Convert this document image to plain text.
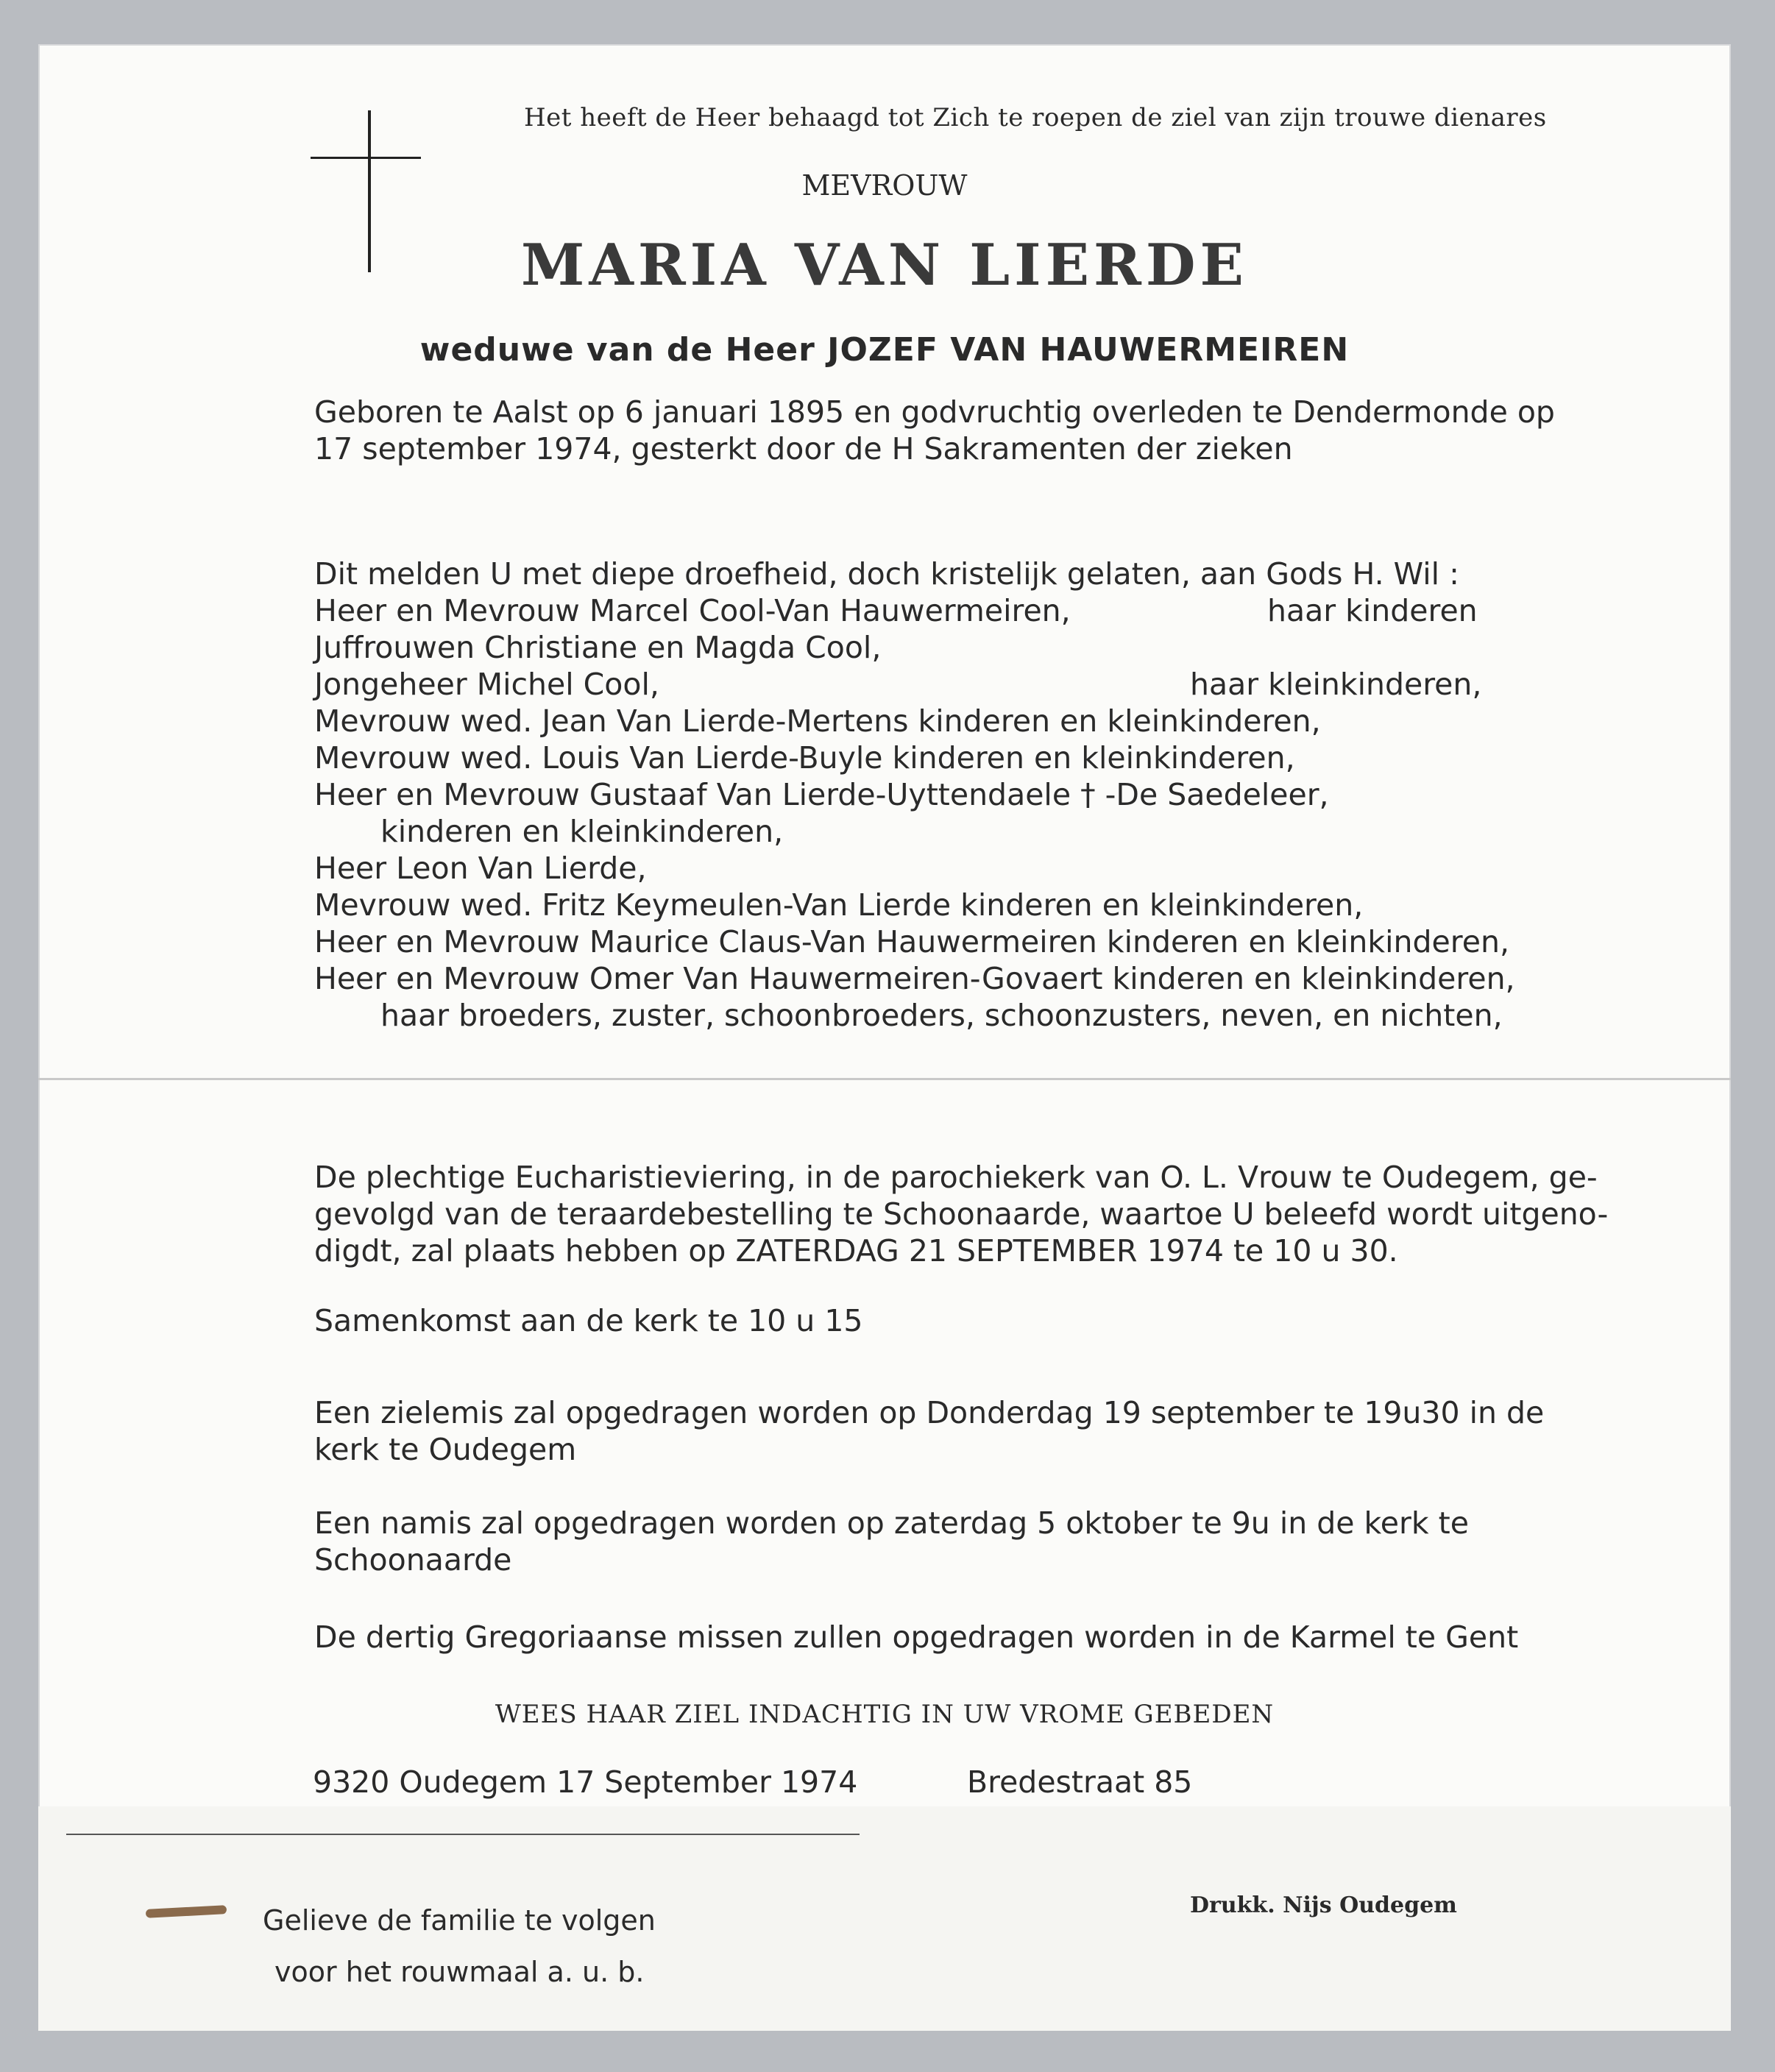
Het heeft de Heer behaagd tot Zich te roepen de ziel van zijn trouwe dienares
MEVROUW
MARIA VAN LIERDE
weduwe van de Heer JOZEF VAN HAUWERMEIREN

Geboren te Aalst op 6 januari 1895 en godvruchtig overleden te Dendermonde op

17 september 1974, gesterkt door de H Sakramenten der zieken

Dit melden U met diepe droefheid, doch kristelijk gelaten, aan Gods H. Wil :

Heer en Mevrouw Marcel Cool-Van Hauwermeiren,	haar kinderen
Juffrouwen Christiane en Magda Cool,
Jongeheer Michel Cool,	haar kleinkinderen,
Mevrouw wed. Jean Van Lierde-Mertens kinderen en kleinkinderen,
Mevrouw wed. Louis Van Lierde-Buyle kinderen en kleinkinderen,
Heer en Mevrouw Gustaaf Van Lierde-Uyttendaele † -De Saedeleer,
kinderen en kleinkinderen,
Heer Leon Van Lierde,
Mevrouw wed. Fritz Keymeulen-Van Lierde kinderen en kleinkinderen,
Heer en Mevrouw Maurice Claus-Van Hauwermeiren kinderen en kleinkinderen,
Heer en Mevrouw Omer Van Hauwermeiren-Govaert kinderen en kleinkinderen,
haar broeders, zuster, schoonbroeders, schoonzusters, neven, en nichten,

De plechtige Eucharistieviering, in de parochiekerk van O. L. Vrouw te Oudegem, ge-

gevolgd van de teraardebestelling te Schoonaarde, waartoe U beleefd wordt uitgeno-

digdt, zal plaats hebben op ZATERDAG 21 SEPTEMBER 1974 te 10 u 30.

Samenkomst aan de kerk te 10 u 15

Een zielemis zal opgedragen worden op Donderdag 19 september te 19u30 in de

kerk te Oudegem

Een namis zal opgedragen worden op zaterdag 5 oktober te 9u in de kerk te

Schoonaarde

De dertig Gregoriaanse missen zullen opgedragen worden in de Karmel te Gent

WEES HAAR ZIEL INDACHTIG IN UW VROME GEBEDEN
9320 Oudegem 17 September 1974	Bredestraat 85

Gelieve de familie te volgen

voor het rouwmaal a. u. b.

Drukk. Nijs Oudegem
